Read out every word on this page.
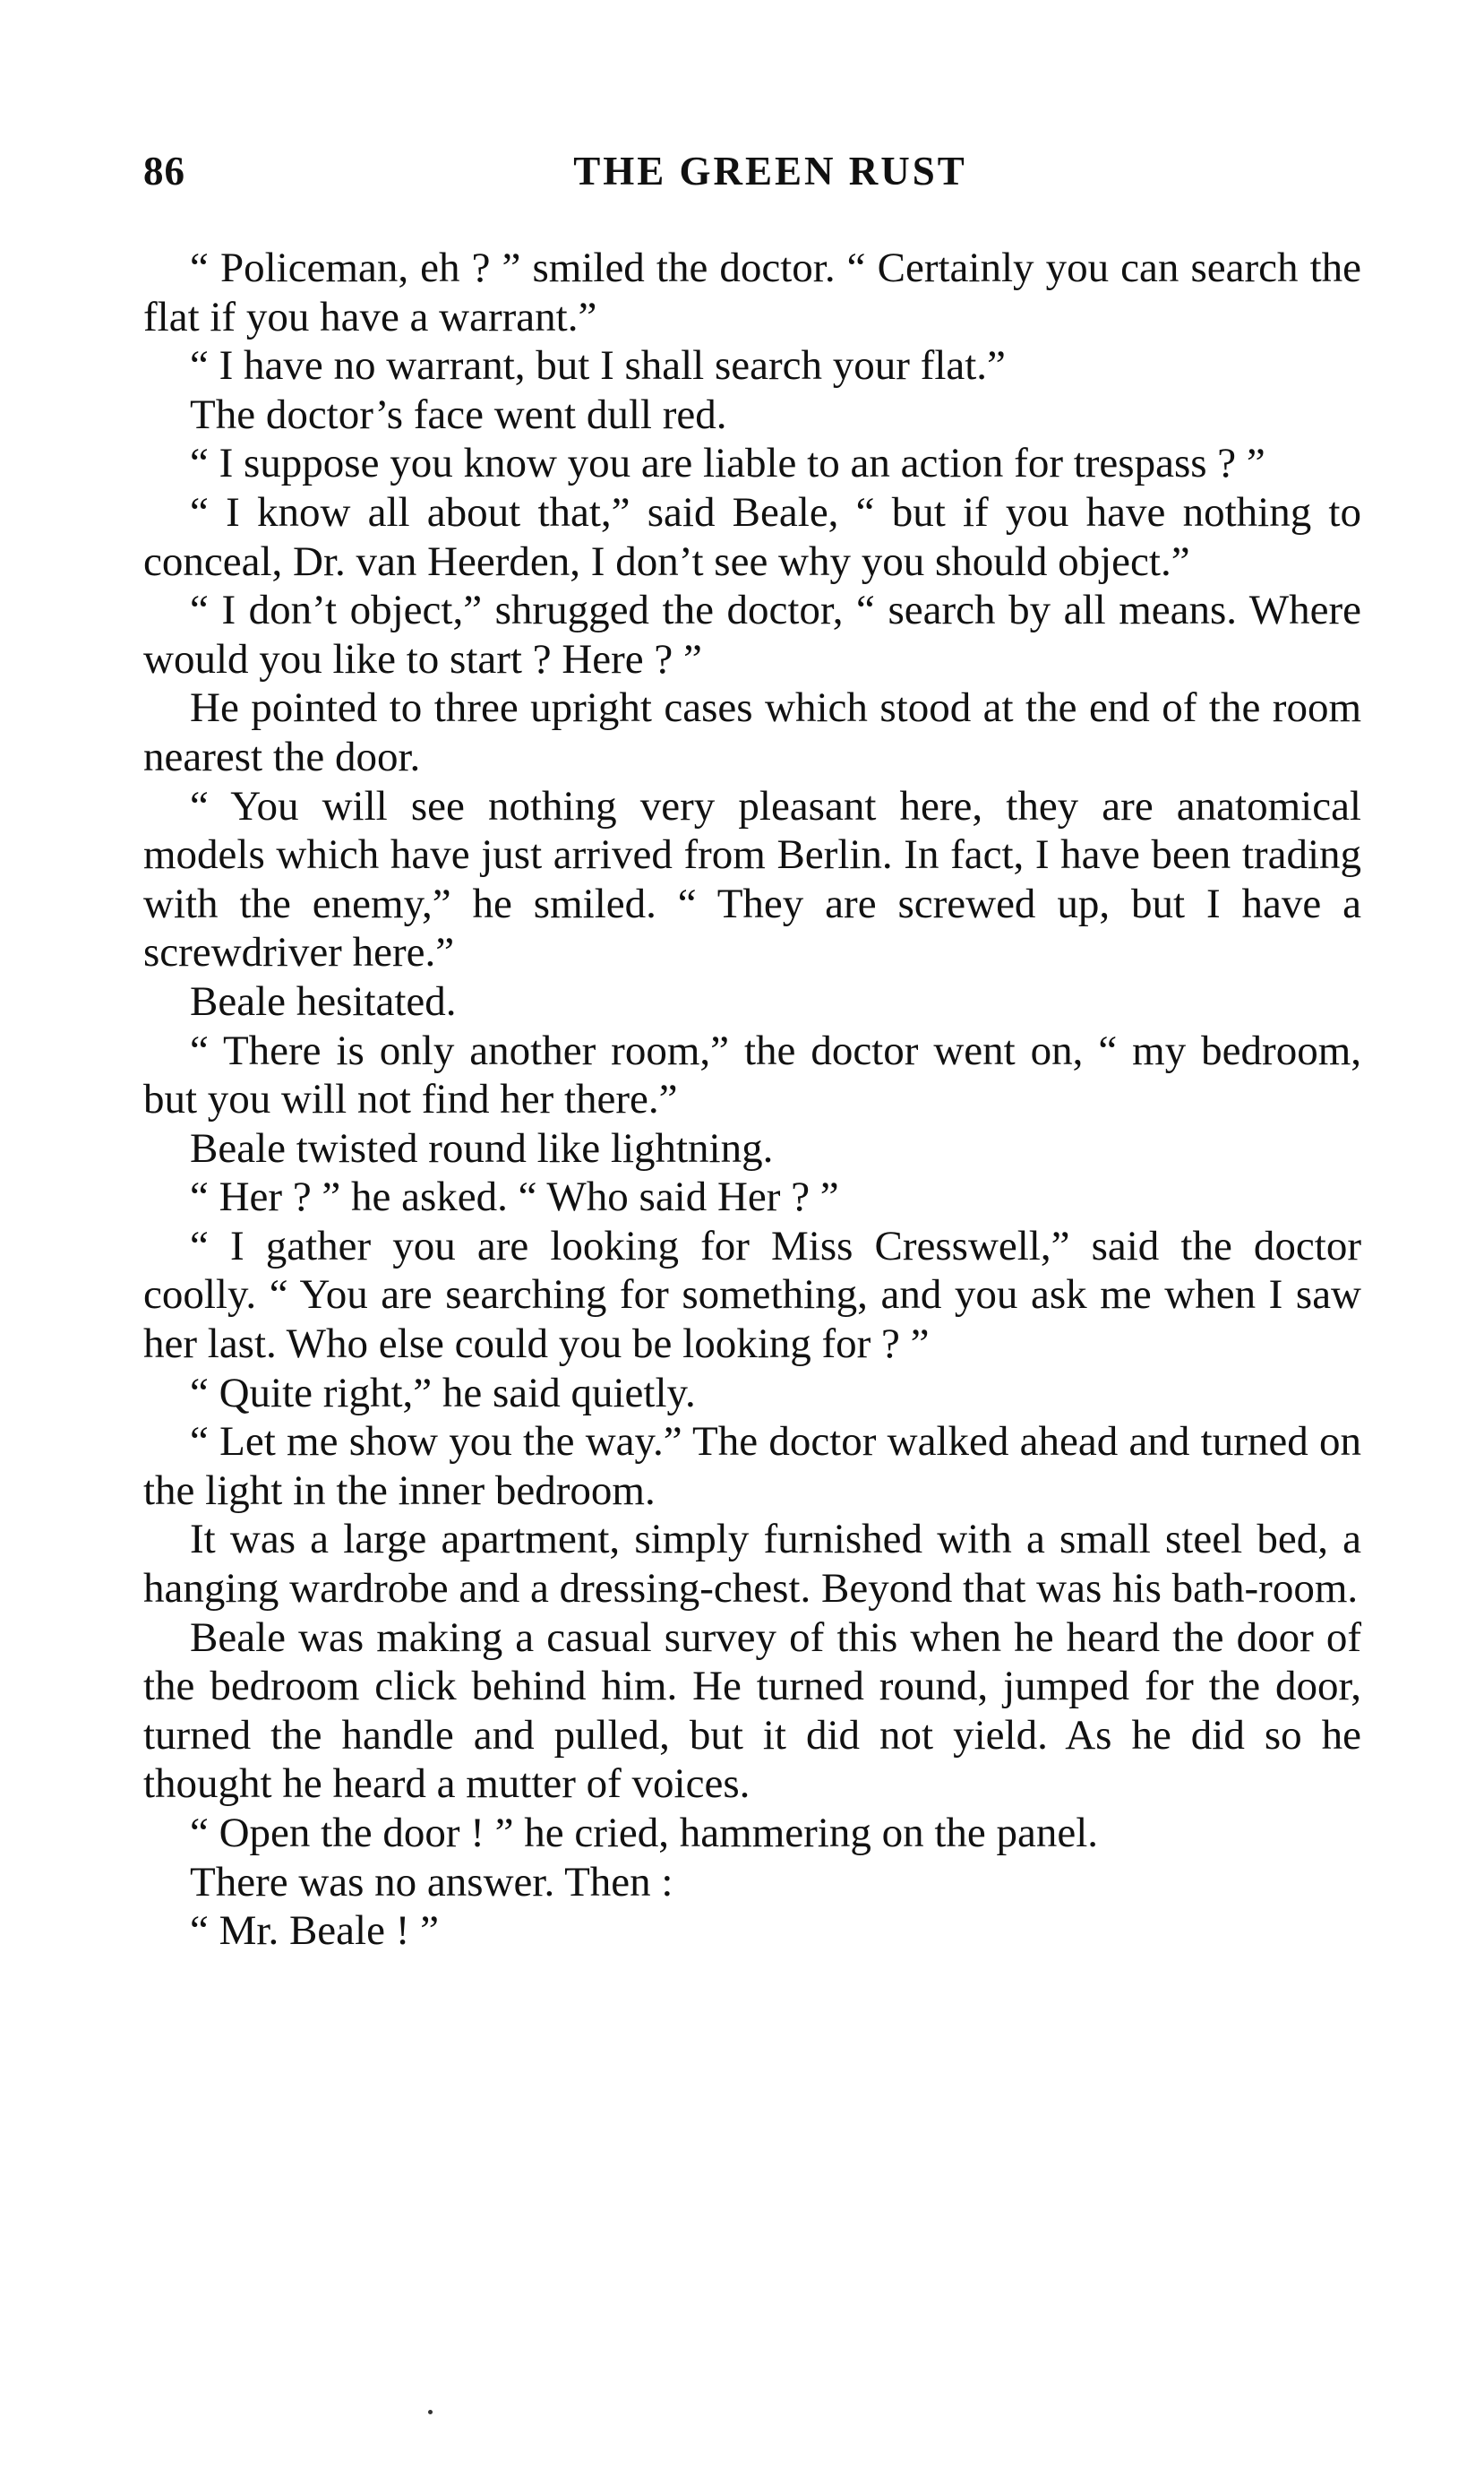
86	THE GREEN RUST

“ Policeman, eh ? ” smiled the doctor. “ Certainly you can search the flat if you have a warrant.”

“ I have no warrant, but I shall search your flat.”

The doctor’s face went dull red.

“ I suppose you know you are liable to an action for trespass ? ”

“ I know all about that,” said Beale, “ but if you have nothing to conceal, Dr. van Heerden, I don’t see why you should object.”

“ I don’t object,” shrugged the doctor, “ search by all means. Where would you like to start ? Here ? ”

He pointed to three upright cases which stood at the end of the room nearest the door.

“ You will see nothing very pleasant here, they are anatomical models which have just arrived from Berlin. In fact, I have been trading with the enemy,” he smiled. “ They are screwed up, but I have a screwdriver here.”

Beale hesitated.

“ There is only another room,” the doctor went on, “ my bedroom, but you will not find her there.”

Beale twisted round like lightning.

“ Her ? ” he asked. “ Who said Her ? ”

“ I gather you are looking for Miss Cresswell,” said the doctor coolly. “ You are searching for something, and you ask me when I saw her last. Who else could you be looking for ? ”

“ Quite right,” he said quietly.

“ Let me show you the way.” The doctor walked ahead and turned on the light in the inner bedroom.

It was a large apartment, simply furnished with a small steel bed, a hanging wardrobe and a dressing-chest. Beyond that was his bath-room.

Beale was making a casual survey of this when he heard the door of the bedroom click behind him. He turned round, jumped for the door, turned the handle and pulled, but it did not yield. As he did so he thought he heard a mutter of voices.

“ Open the door ! ” he cried, hammering on the panel.

There was no answer. Then :

“ Mr. Beale ! ”
